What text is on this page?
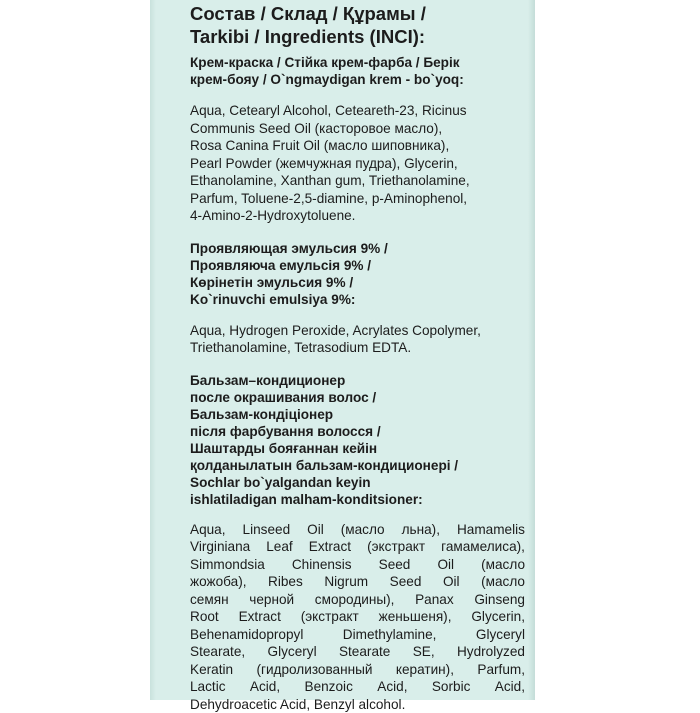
Состав / Склад / Құрамы /
Tarkibi / Ingredients (INCI):
Крем-краска / Стійка крем-фарба / Берік
крем-бояу / O`ngmaydigan krem - bo`yoq:
Aqua, Cetearyl Alcohol, Ceteareth-23, Ricinus
Communis Seed Oil (касторовое масло),
Rosa Canina Fruit Oil (масло шиповника),
Pearl Powder (жемчужная пудра), Glycerin,
Ethanolamine, Xanthan gum, Triethanolamine,
Parfum, Toluene-2,5-diamine, p-Aminophenol,
4-Amino-2-Hydroxytoluene.
Проявляющая эмульсия 9% /
Проявляюча емульсія 9% /
Көрінетін эмульсия 9% /
Ko`rinuvchi emulsiya 9%:
Aqua, Hydrogen Peroxide, Acrylates Copolymer,
Triethanolamine, Tetrasodium EDTA.
Бальзам–кондиционер
после окрашивания волос /
Бальзам-кондіціонер
після фарбування волосся /
Шаштарды бояғаннан кейін
қолданылатын бальзам-кондиционері /
Sochlar bo`yalgandan keyin
ishlatiladigan malham-konditsioner:
Aqua, Linseed Oil (масло льна), Hamamelis
Virginiana Leaf Extract (экстракт гамамелиса),
Simmondsia Chinensis Seed Oil (масло
жожоба), Ribes Nigrum Seed Oil (масло
семян черной смородины), Panax Ginseng
Root Extract (экстракт женьшеня), Glycerin,
Behenamidopropyl	Dimethylamine,	Glyceryl
Stearate, Glyceryl Stearate SE, Hydrolyzed
Keratin (гидролизованный кератин), Parfum,
Lactic Acid, Benzoic Acid, Sorbic Acid,
Dehydroacetic Acid, Benzyl alcohol.
